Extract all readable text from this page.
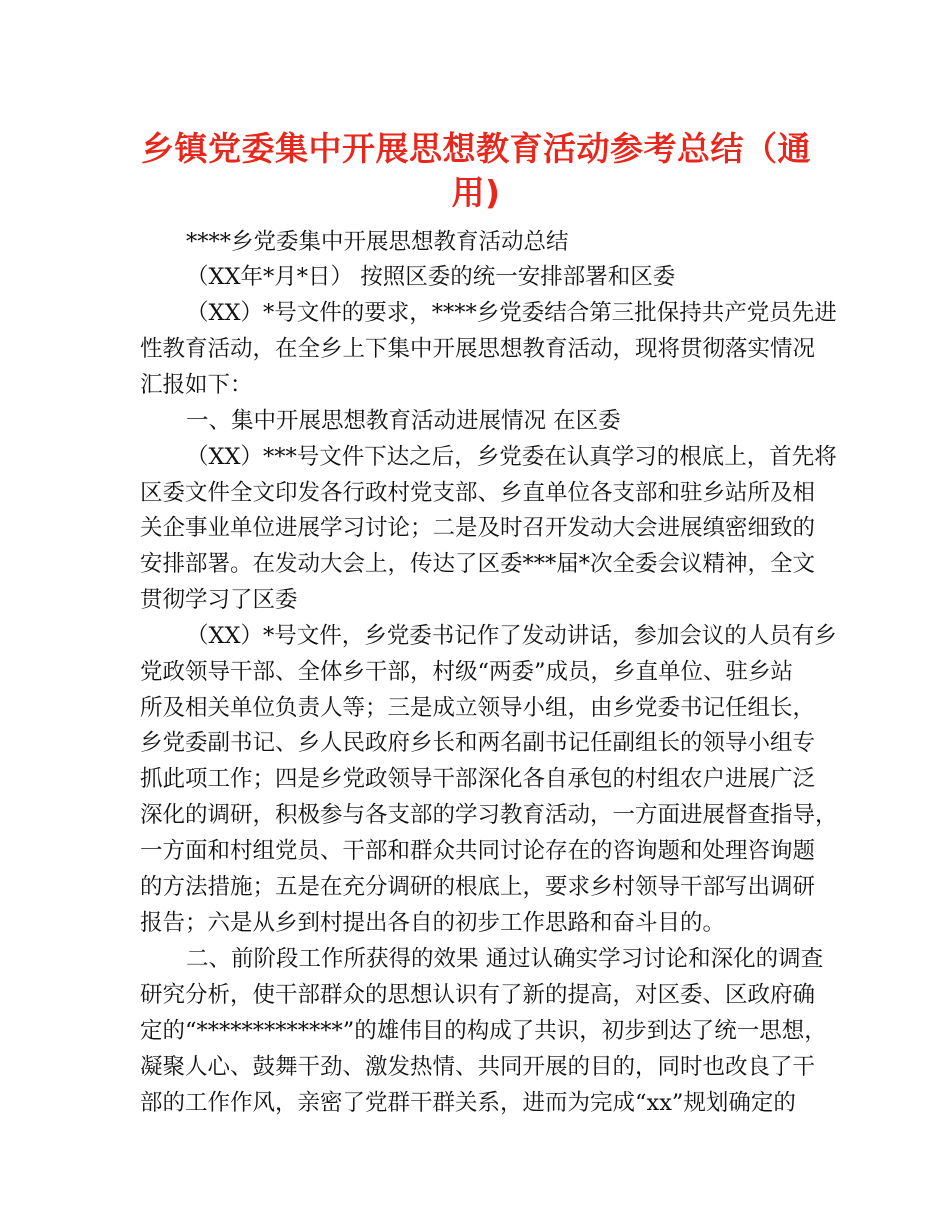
乡镇党委集中开展思想教育活动参考总结（通
用)
****乡党委集中开展思想教育活动总结
（XX年*月*日） 按照区委的统一安排部署和区委
（XX）*号文件的要求，****乡党委结合第三批保持共产党员先进
性教育活动，在全乡上下集中开展思想教育活动，现将贯彻落实情况
汇报如下：
一、集中开展思想教育活动进展情况 在区委
（XX）***号文件下达之后，乡党委在认真学习的根底上，首先将
区委文件全文印发各行政村党支部、乡直单位各支部和驻乡站所及相
关企事业单位进展学习讨论；二是及时召开发动大会进展缜密细致的
安排部署。在发动大会上，传达了区委***届*次全委会议精神，全文
贯彻学习了区委
（XX）*号文件，乡党委书记作了发动讲话，参加会议的人员有乡
党政领导干部、全体乡干部，村级“两委”成员，乡直单位、驻乡站
所及相关单位负责人等；三是成立领导小组，由乡党委书记任组长，
乡党委副书记、乡人民政府乡长和两名副书记任副组长的领导小组专
抓此项工作；四是乡党政领导干部深化各自承包的村组农户进展广泛
深化的调研，积极参与各支部的学习教育活动，一方面进展督查指导，
一方面和村组党员、干部和群众共同讨论存在的咨询题和处理咨询题
的方法措施；五是在充分调研的根底上，要求乡村领导干部写出调研
报告；六是从乡到村提出各自的初步工作思路和奋斗目的。
二、前阶段工作所获得的效果 通过认确实学习讨论和深化的调查
研究分析，使干部群众的思想认识有了新的提高，对区委、区政府确
定的“*************”的雄伟目的构成了共识，初步到达了统一思想，
凝聚人心、鼓舞干劲、激发热情、共同开展的目的，同时也改良了干
部的工作作风，亲密了党群干群关系，进而为完成“xx”规划确定的
